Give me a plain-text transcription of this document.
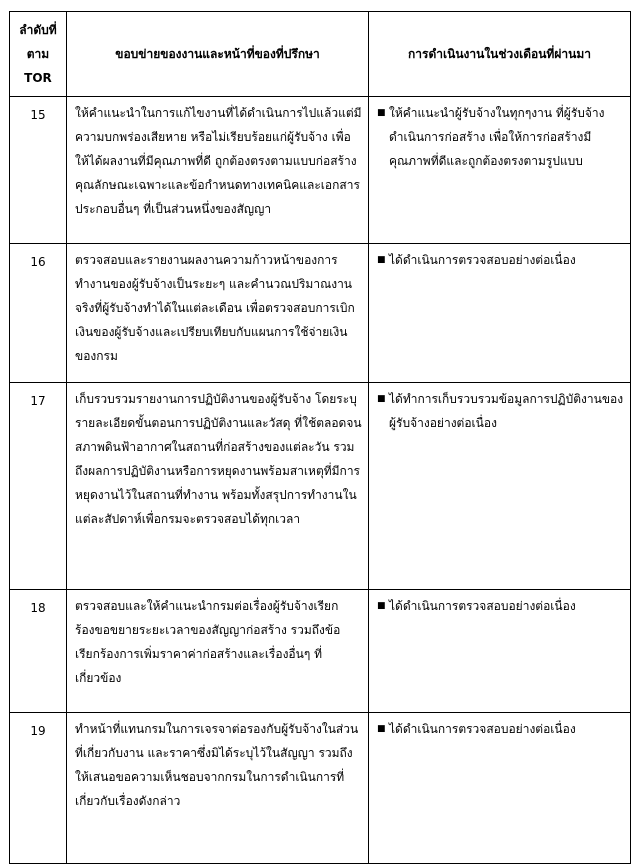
ลำดับที่
ตาม
TOR	ขอบข่ายของงานและหน้าที่ของที่ปรึกษา	การดำเนินงานในช่วงเดือนที่ผ่านมา
15	ให้คำแนะนำในการแก้ไขงานที่ได้ดำเนินการไปแล้วแต่มีความบกพร่องเสียหาย หรือไม่เรียบร้อยแก่ผู้รับจ้าง เพื่อให้ได้ผลงานที่มีคุณภาพที่ดี ถูกต้องตรงตามแบบก่อสร้างคุณลักษณะเฉพาะและข้อกำหนดทางเทคนิคและเอกสารประกอบอื่นๆ ที่เป็นส่วนหนึ่งของสัญญา	■ ให้คำแนะนำผู้รับจ้างในทุกๆงาน ที่ผู้รับจ้างดำเนินการก่อสร้าง เพื่อให้การก่อสร้างมีคุณภาพที่ดีและถูกต้องตรงตามรูปแบบ

16	ตรวจสอบและรายงานผลงานความก้าวหน้าของการทำงานของผู้รับจ้างเป็นระยะๆ และคำนวณปริมาณงานจริงที่ผู้รับจ้างทำได้ในแต่ละเดือน เพื่อตรวจสอบการเบิกเงินของผู้รับจ้างและเปรียบเทียบกับแผนการใช้จ่ายเงินของกรม	■ ได้ดำเนินการตรวจสอบอย่างต่อเนื่อง

17	เก็บรวบรวมรายงานการปฏิบัติงานของผู้รับจ้าง โดยระบุรายละเอียดขั้นตอนการปฏิบัติงานและวัสดุ ที่ใช้ตลอดจนสภาพดินฟ้าอากาศในสถานที่ก่อสร้างของแต่ละวัน รวมถึงผลการปฏิบัติงานหรือการหยุดงานพร้อมสาเหตุที่มีการหยุดงานไว้ในสถานที่ทำงาน พร้อมทั้งสรุปการทำงานในแต่ละสัปดาห์เพื่อกรมจะตรวจสอบได้ทุกเวลา	■ ได้ทำการเก็บรวบรวมข้อมูลการปฏิบัติงานของผู้รับจ้างอย่างต่อเนื่อง

18	ตรวจสอบและให้คำแนะนำกรมต่อเรื่องผู้รับจ้างเรียกร้องขอขยายระยะเวลาของสัญญาก่อสร้าง รวมถึงข้อเรียกร้องการเพิ่มราคาค่าก่อสร้างและเรื่องอื่นๆ ที่เกี่ยวข้อง	■ ได้ดำเนินการตรวจสอบอย่างต่อเนื่อง

19	ทำหน้าที่แทนกรมในการเจรจาต่อรองกับผู้รับจ้างในส่วนที่เกี่ยวกับงาน และราคาซึ่งมิได้ระบุไว้ในสัญญา รวมถึงให้เสนอขอความเห็นชอบจากกรมในการดำเนินการที่เกี่ยวกับเรื่องดังกล่าว	■ ได้ดำเนินการตรวจสอบอย่างต่อเนื่อง
